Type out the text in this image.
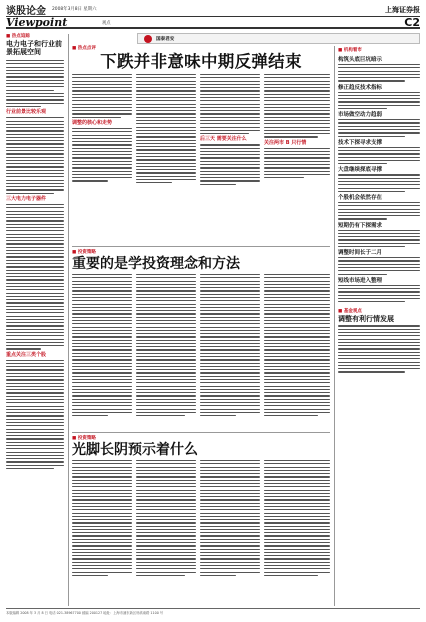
谈股论金 2008年3月8日 星期六	上海证券报
Viewpoint	观点	C2
国泰君安
■ 热点追踪
电力电子和行业前景拓展空间
行业前景比较乐观
三大电力电子器件
重点关注三类个股
■ 热点点评
下跌并非意味中期反弹结束
调整的核心和走势
后三天 需要关注什么
关注两市 B 只行情
■ 投资策略
重要的是学投资理念和方法
■ 投资策略
光脚长阴预示着什么
■ 机构看市
构筑头底巨坑暗示
修正趋反技术指标
市场做空动力趋弱
技术下探寻求支撑
大盘继续探底寻撑
个股机会依然存在
短期仍有下探需求
调整时间长于二月
短线市场进入整理
■ 基金观点
调整有利行情发展
本版编辑 2008 年 3 月 8 日 电话 021-38967700 邮编 200127 地址：上海市浦东新区杨高南路 1100 号
